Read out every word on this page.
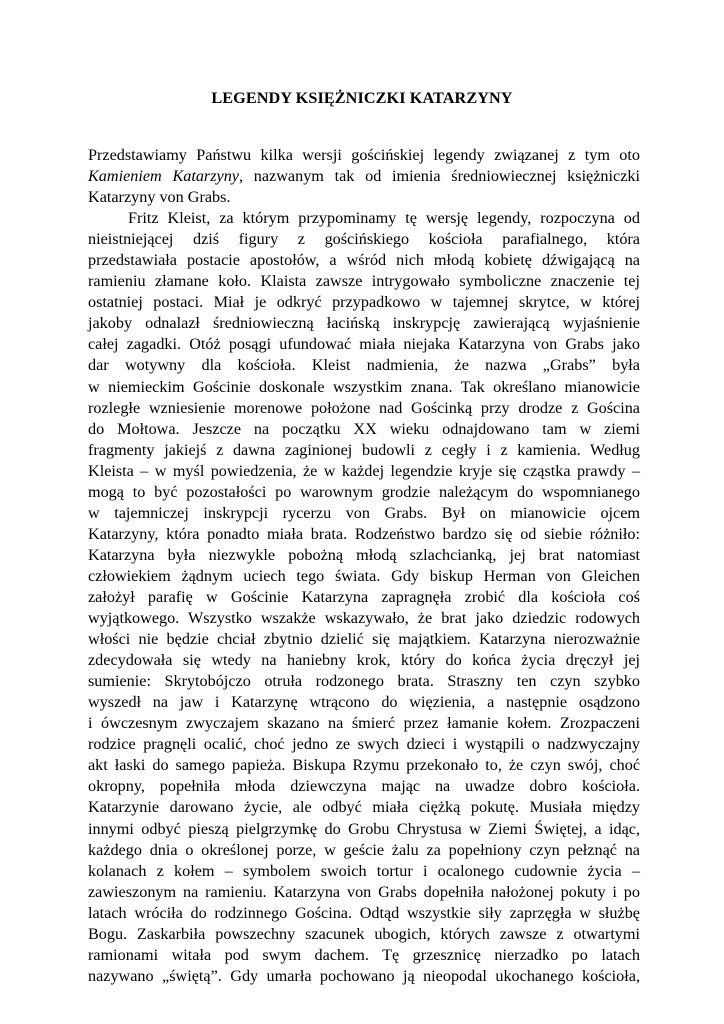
LEGENDY KSIĘŻNICZKI KATARZYNY
Przedstawiamy Państwu kilka wersji gościńskiej legendy związanej z tym oto
Kamieniem Katarzyny, nazwanym tak od imienia średniowiecznej księżniczki
Katarzyny von Grabs.
Fritz Kleist, za którym przypominamy tę wersję legendy, rozpoczyna od
nieistniejącej dziś figury z gościńskiego kościoła parafialnego, która
przedstawiała postacie apostołów, a wśród nich młodą kobietę dźwigającą na
ramieniu złamane koło. Klaista zawsze intrygowało symboliczne znaczenie tej
ostatniej postaci. Miał je odkryć przypadkowo w tajemnej skrytce, w której
jakoby odnalazł średniowieczną łacińską inskrypcję zawierającą wyjaśnienie
całej zagadki. Otóż posągi ufundować miała niejaka Katarzyna von Grabs jako
dar wotywny dla kościoła. Kleist nadmienia, że nazwa „Grabs” była
w niemieckim Gościnie doskonale wszystkim znana. Tak określano mianowicie
rozległe wzniesienie morenowe położone nad Gościnką przy drodze z Gościna
do Mołtowa. Jeszcze na początku XX wieku odnajdowano tam w ziemi
fragmenty jakiejś z dawna zaginionej budowli z cegły i z kamienia. Według
Kleista – w myśl powiedzenia, że w każdej legendzie kryje się cząstka prawdy –
mogą to być pozostałości po warownym grodzie należącym do wspomnianego
w tajemniczej inskrypcji rycerzu von Grabs. Był on mianowicie ojcem
Katarzyny, która ponadto miała brata. Rodzeństwo bardzo się od siebie różniło:
Katarzyna była niezwykle pobożną młodą szlachcianką, jej brat natomiast
człowiekiem żądnym uciech tego świata. Gdy biskup Herman von Gleichen
założył parafię w Gościnie Katarzyna zapragnęła zrobić dla kościoła coś
wyjątkowego. Wszystko wszakże wskazywało, że brat jako dziedzic rodowych
włości nie będzie chciał zbytnio dzielić się majątkiem. Katarzyna nierozważnie
zdecydowała się wtedy na haniebny krok, który do końca życia dręczył jej
sumienie: Skrytobójczo otruła rodzonego brata. Straszny ten czyn szybko
wyszedł na jaw i Katarzynę wtrącono do więzienia, a następnie osądzono
i ówczesnym zwyczajem skazano na śmierć przez łamanie kołem. Zrozpaczeni
rodzice pragnęli ocalić, choć jedno ze swych dzieci i wystąpili o nadzwyczajny
akt łaski do samego papieża. Biskupa Rzymu przekonało to, że czyn swój, choć
okropny, popełniła młoda dziewczyna mając na uwadze dobro kościoła.
Katarzynie darowano życie, ale odbyć miała ciężką pokutę. Musiała między
innymi odbyć pieszą pielgrzymkę do Grobu Chrystusa w Ziemi Świętej, a idąc,
każdego dnia o określonej porze, w geście żalu za popełniony czyn pełznąć na
kolanach z kołem – symbolem swoich tortur i ocalonego cudownie życia –
zawieszonym na ramieniu. Katarzyna von Grabs dopełniła nałożonej pokuty i po
latach wróciła do rodzinnego Gościna. Odtąd wszystkie siły zaprzęgła w służbę
Bogu. Zaskarbiła powszechny szacunek ubogich, których zawsze z otwartymi
ramionami witała pod swym dachem. Tę grzesznicę nierzadko po latach
nazywano „świętą”. Gdy umarła pochowano ją nieopodal ukochanego kościoła,
